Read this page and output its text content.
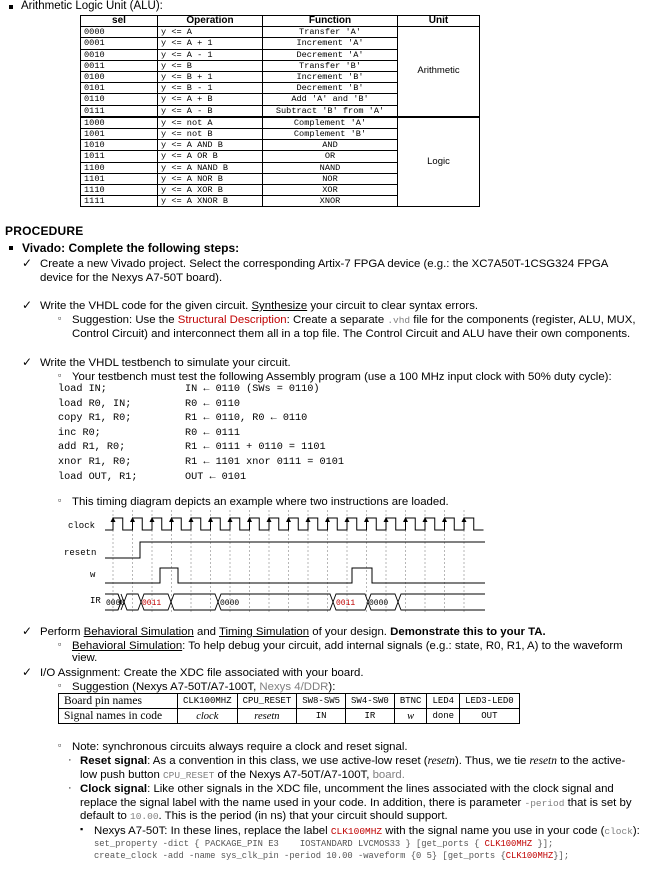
Arithmetic Logic Unit (ALU):
sel	Operation	Function	Unit
0000	y <= A	Transfer 'A'	Arithmetic
0001	y <= A + 1	Increment 'A'	
0010	y <= A - 1	Decrement 'A'	
0011	y <= B	Transfer 'B'	
0100	y <= B + 1	Increment 'B'	
0101	y <= B - 1	Decrement 'B'	
0110	y <= A + B	Add 'A' and 'B'	
0111	y <= A - B	Subtract 'B' from 'A'	
1000	y <= not A	Complement 'A'	Logic
1001	y <= not B	Complement 'B'	
1010	y <= A AND B	AND	
1011	y <= A OR B	OR	
1100	y <= A NAND B	NAND	
1101	y <= A NOR B	NOR	
1110	y <= A XOR B	XOR	
1111	y <= A XNOR B	XNOR	
PROCEDURE
Vivado: Complete the following steps:
✓ Create a new Vivado project. Select the corresponding Artix-7 FPGA device (e.g.: the XC7A50T-1CSG324 FPGA device for the Nexys A7-50T board).
✓ Write the VHDL code for the given circuit. Synthesize your circuit to clear syntax errors.
▫ Suggestion: Use the Structural Description: Create a separate .vhd file for the components (register, ALU, MUX, Control Circuit) and interconnect them all in a top file. The Control Circuit and ALU have their own components.
✓ Write the VHDL testbench to simulate your circuit.
▫ Your testbench must test the following Assembly program (use a 100 MHz input clock with 50% duty cycle):
load IN;	IN ← 0110 (SWs = 0110)
load R0, IN;	R0 ← 0110
copy R1, R0;	R1 ← 0110, R0 ← 0110
inc R0;	R0 ← 0111
add R1, R0;	R1 ← 0111 + 0110 = 1101
xnor R1, R0;	R1 ← 1101 xnor 0111 = 0101
load OUT, R1;	OUT ← 0101
▫ This timing diagram depicts an example where two instructions are loaded.
clock
resetn
w
IR 0000 0011	0000	0011 0000
✓ Perform Behavioral Simulation and Timing Simulation of your design. Demonstrate this to your TA.
▫ Behavioral Simulation: To help debug your circuit, add internal signals (e.g.: state, R0, R1, A) to the waveform view.
✓ I/O Assignment: Create the XDC file associated with your board.
▫ Suggestion (Nexys A7-50T/A7-100T, Nexys 4/DDR):
Board pin names	CLK100MHZ	CPU_RESET	SW8-SW5	SW4-SW0	BTNC	LED4	LED3-LED0
Signal names in code	clock	resetn	IN	IR	w	done	OUT
▫ Note: synchronous circuits always require a clock and reset signal.
· Reset signal: As a convention in this class, we use active-low reset (resetn). Thus, we tie resetn to the active-low push button CPU_RESET of the Nexys A7-50T/A7-100T, board.
· Clock signal: Like other signals in the XDC file, uncomment the lines associated with the clock signal and replace the signal label with the name used in your code. In addition, there is parameter -period that is set by default to 10.00. This is the period (in ns) that your circuit should support.
▪ Nexys A7-50T: In these lines, replace the label CLK100MHZ with the signal name you use in your code (clock):
set_property -dict { PACKAGE_PIN E3    IOSTANDARD LVCMOS33 } [get_ports { CLK100MHZ }];
create_clock -add -name sys_clk_pin -period 10.00 -waveform {0 5} [get_ports {CLK100MHZ}];
